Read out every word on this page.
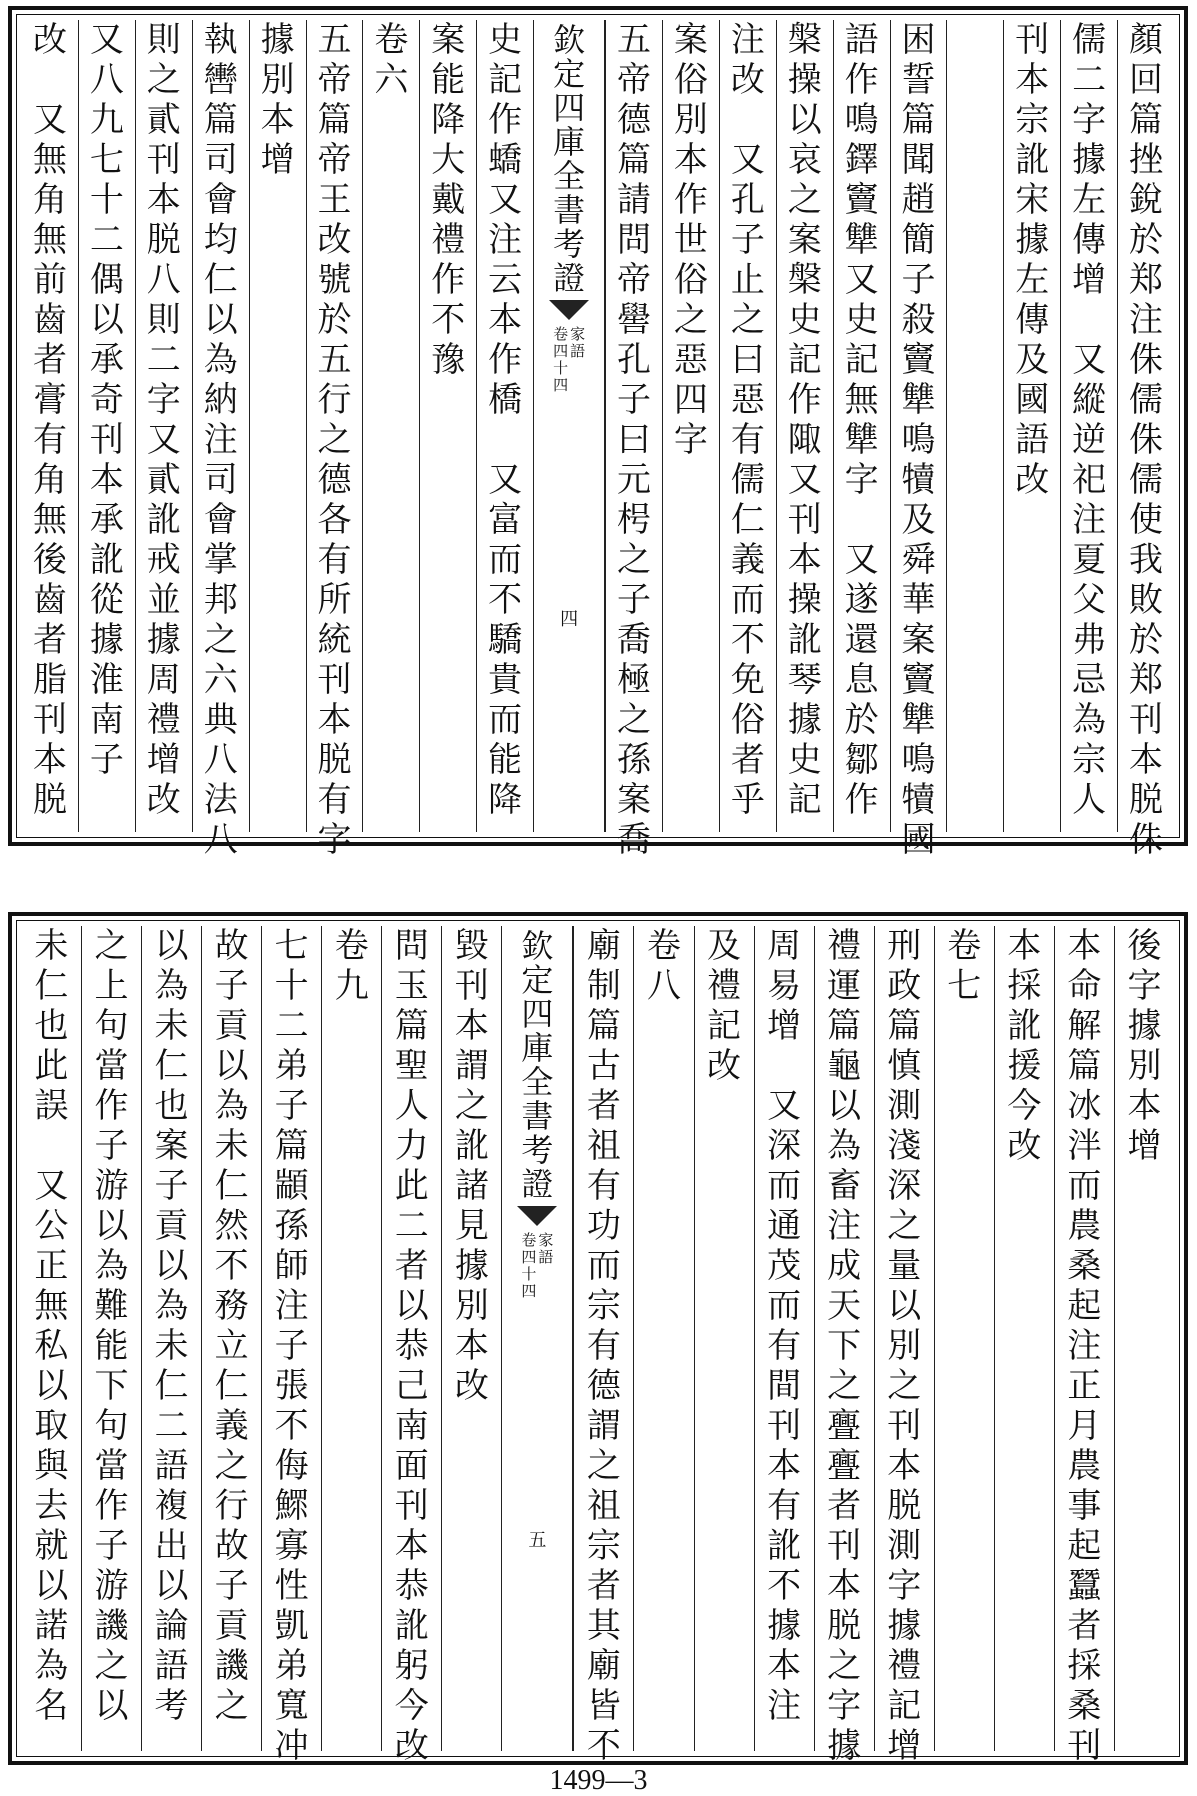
顏
回
篇
挫
銳
於
郑
注
侏
儒
侏
儒
使
我
敗
於
郑
刊
本
脱
侏
儒
二
字
據
左
傳
增
又
縱
逆
祀
注
夏
父
弗
忌
為
宗
人
刊
本
宗
訛
宋
據
左
傳
及
國
語
改
困
誓
篇
聞
趙
簡
子
殺
竇
犨
鳴
犢
及
舜
華
案
竇
犨
鳴
犢
國
語
作
鳴
鐸
竇
犨
又
史
記
無
犨
字
又
遂
還
息
於
鄒
作
槃
操
以
哀
之
案
槃
史
記
作
陬
又
刊
本
操
訛
琴
據
史
記
注
改
又
孔
子
止
之
曰
惡
有
儒
仁
義
而
不
免
俗
者
乎
案
俗
別
本
作
世
俗
之
惡
四
字
五
帝
德
篇
請
問
帝
嚳
孔
子
曰
元
枵
之
子
喬
極
之
孫
案
喬
欽
定
四
庫
全
書
考
證
家
語
卷
四
十
四
四
史
記
作
蟜
又
注
云
本
作
橋
又
富
而
不
驕
貴
而
能
降
案
能
降
大
戴
禮
作
不
豫
卷
六
五
帝
篇
帝
王
改
號
於
五
行
之
德
各
有
所
統
刊
本
脱
有
字
據
別
本
增
執
轡
篇
司
會
均
仁
以
為
納
注
司
會
掌
邦
之
六
典
八
法
八
則
之
貳
刊
本
脱
八
則
二
字
又
貳
訛
戒
並
據
周
禮
增
改
又
八
九
七
十
二
偶
以
承
奇
刊
本
承
訛
從
據
淮
南
子
改
又
無
角
無
前
齒
者
膏
有
角
無
後
齒
者
脂
刊
本
脱
後
字
據
別
本
增
本
命
解
篇
冰
泮
而
農
桑
起
注
正
月
農
事
起
蠶
者
採
桑
刊
本
採
訛
援
今
改
卷
七
刑
政
篇
慎
測
淺
深
之
量
以
別
之
刊
本
脱
測
字
據
禮
記
增
禮
運
篇
龜
以
為
畜
注
成
天
下
之
亹
亹
者
刊
本
脱
之
字
據
周
易
增
又
深
而
通
茂
而
有
間
刊
本
有
訛
不
據
本
注
及
禮
記
改
卷
八
廟
制
篇
古
者
祖
有
功
而
宗
有
德
謂
之
祖
宗
者
其
廟
皆
不
欽
定
四
庫
全
書
考
證
家
語
卷
四
十
四
五
毀
刊
本
謂
之
訛
諸
見
據
別
本
改
問
玉
篇
聖
人
力
此
二
者
以
恭
己
南
面
刊
本
恭
訛
躬
今
改
卷
九
七
十
二
弟
子
篇
顓
孫
師
注
子
張
不
侮
鰥
寡
性
凱
弟
寬
冲
故
子
貢
以
為
未
仁
然
不
務
立
仁
義
之
行
故
子
貢
譏
之
以
為
未
仁
也
案
子
貢
以
為
未
仁
二
語
複
出
以
論
語
考
之
上
句
當
作
子
游
以
為
難
能
下
句
當
作
子
游
譏
之
以
未
仁
也
此
誤
又
公
正
無
私
以
取
與
去
就
以
諾
為
名
1499—3
